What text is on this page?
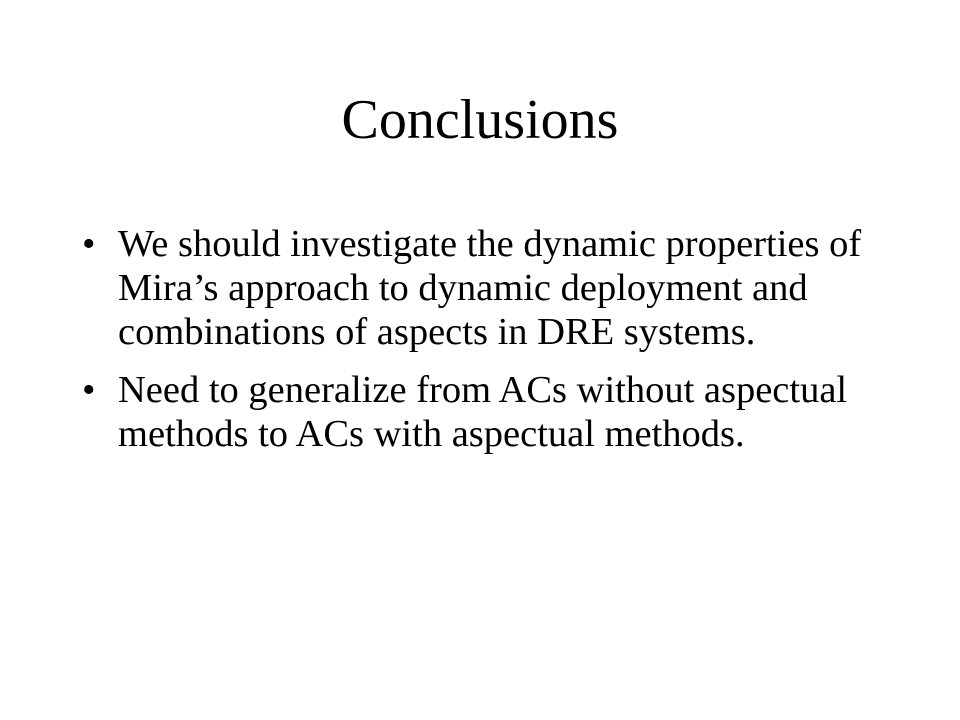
Conclusions
• We should investigate the dynamic properties of Mira’s approach to dynamic deployment and combinations of aspects in DRE systems.
• Need to generalize from ACs without aspectual methods to ACs with aspectual methods.
